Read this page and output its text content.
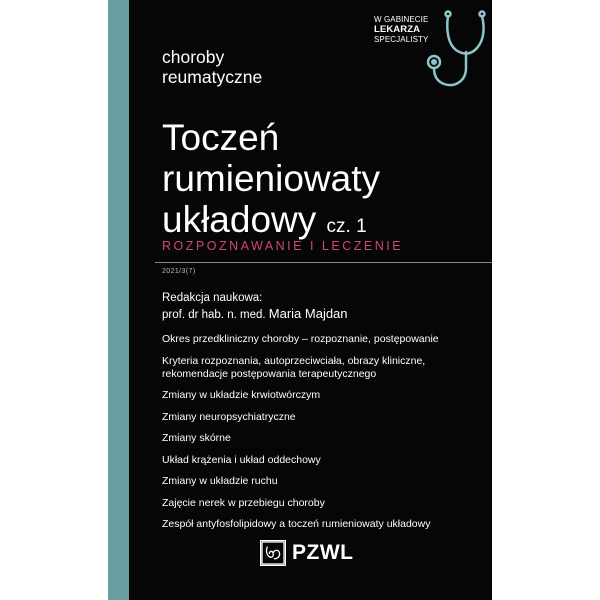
choroby
reumatyczne
W GABINECIE
LEKARZA
SPECJALISTY
Toczeń
rumieniowaty
układowy cz. 1
ROZPOZNAWANIE I LECZENIE
2021/3(7)
Redakcja naukowa:
prof. dr hab. n. med. Maria Majdan
Okres przedkliniczny choroby – rozpoznanie, postępowanie
Kryteria rozpoznania, autoprzeciwciała, obrazy kliniczne, rekomendacje postępowania terapeutycznego
Zmiany w układzie krwiotwórczym
Zmiany neuropsychiatryczne
Zmiany skórne
Układ krążenia i układ oddechowy
Zmiany w układzie ruchu
Zajęcie nerek w przebiegu choroby
Zespół antyfosfolipidowy a toczeń rumieniowaty układowy
PZWL
